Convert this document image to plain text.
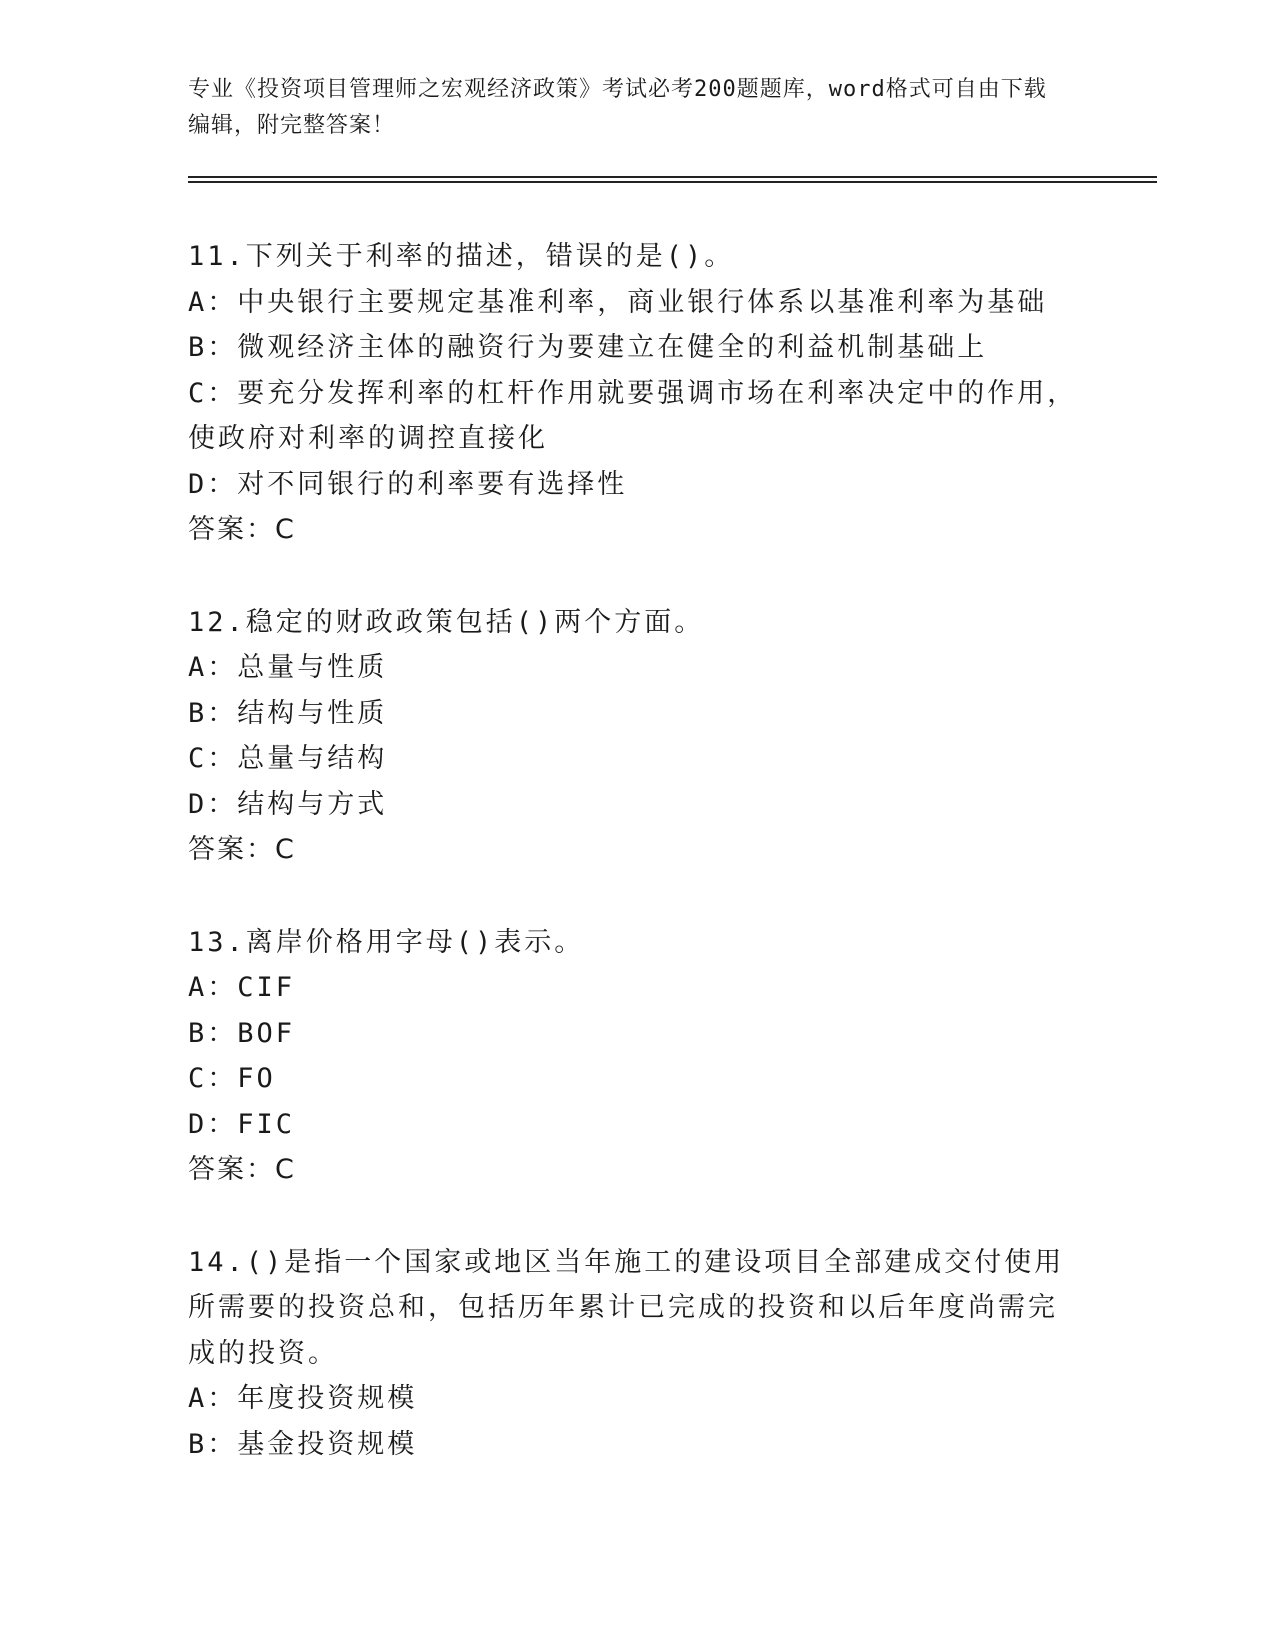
专业《投资项目管理师之宏观经济政策》考试必考200题题库，word格式可自由下载编辑，附完整答案！
11.下列关于利率的描述，错误的是()。
A：中央银行主要规定基准利率，商业银行体系以基准利率为基础
B：微观经济主体的融资行为要建立在健全的利益机制基础上
C：要充分发挥利率的杠杆作用就要强调市场在利率决定中的作用，使政府对利率的调控直接化
D：对不同银行的利率要有选择性
答案：C
12.稳定的财政政策包括()两个方面。
A：总量与性质
B：结构与性质
C：总量与结构
D：结构与方式
答案：C
13.离岸价格用字母()表示。
A：CIF
B：BOF
C：FO
D：FIC
答案：C
14.()是指一个国家或地区当年施工的建设项目全部建成交付使用所需要的投资总和，包括历年累计已完成的投资和以后年度尚需完成的投资。
A：年度投资规模
B：基金投资规模
